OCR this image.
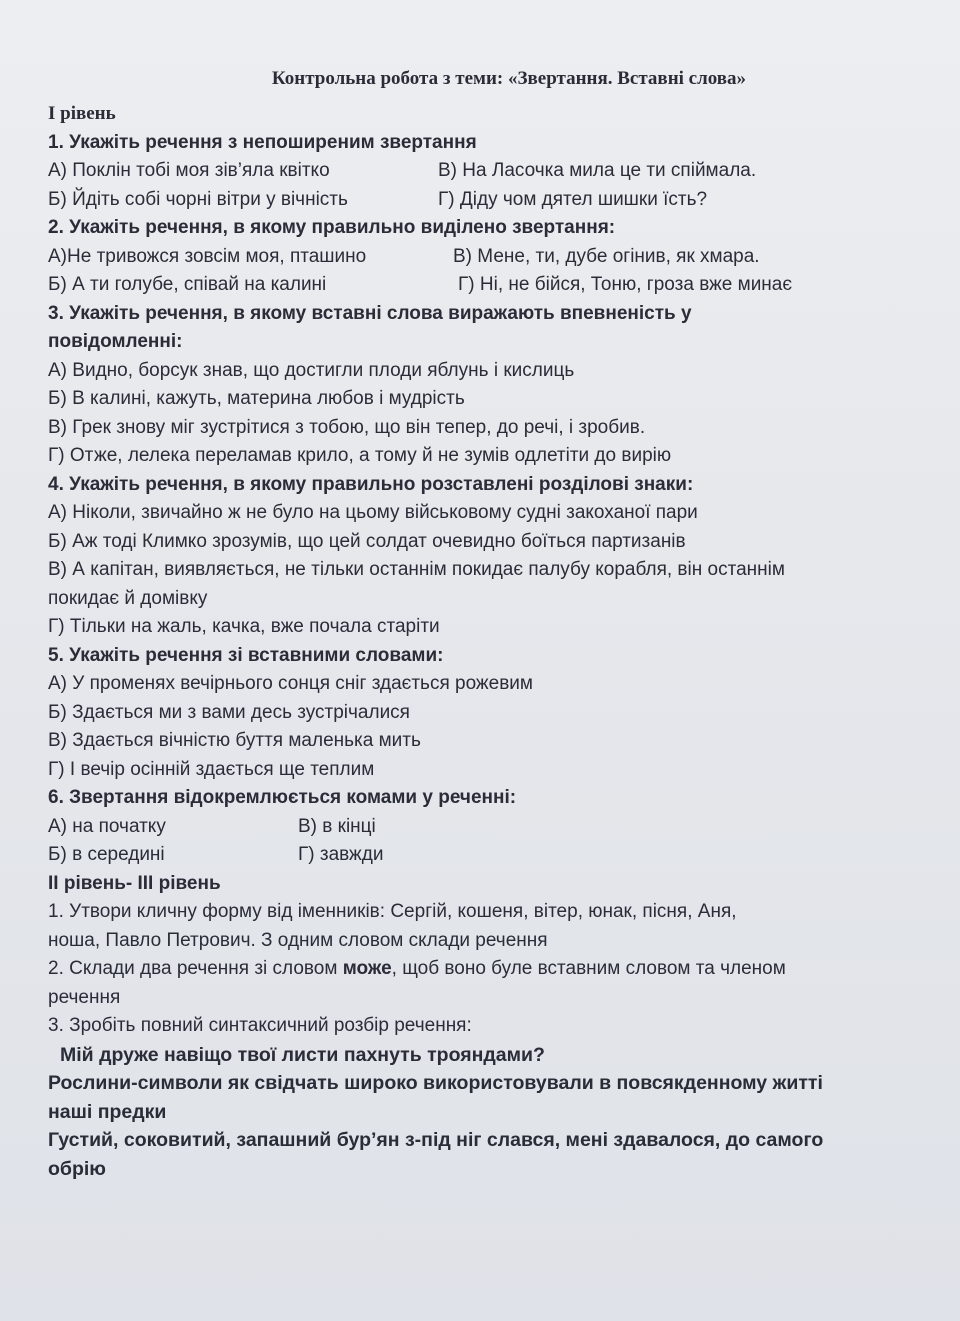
Контрольна робота з теми: «Звертання. Вставні слова»

І рівень

1. Укажіть речення з непоширеним звертання

А) Поклін тобі моя зів’яла квітко	В) На Ласочка мила це ти спіймала.

Б) Йдіть собі чорні вітри у вічність	Г) Діду чом дятел шишки їсть?

2. Укажіть речення, в якому правильно виділено звертання:

А)Не тривожся зовсім моя, пташино	В) Мене, ти, дубе огінив, як хмара.

Б) А ти голубе, співай на калині	Г) Ні, не бійся, Тоню, гроза вже минає

3. Укажіть речення, в якому вставні слова виражають впевненість у

повідомленні:

А) Видно, борсук знав, що достигли плоди яблунь і кислиць

Б) В калині, кажуть, материна любов і мудрість

В) Грек знову міг зустрітися з тобою, що він тепер, до речі, і зробив.

Г) Отже, лелека переламав крило, а тому й не зумів одлетіти до вирію

4. Укажіть речення, в якому правильно розставлені розділові знаки:

А) Ніколи, звичайно ж не було на цьому військовому судні закоханої пари

Б) Аж тоді Климко зрозумів, що цей солдат очевидно боїться партизанів

В) А капітан, виявляється, не тільки останнім покидає палубу корабля, він останнім

покидає й домівку

Г) Тільки на жаль, качка, вже почала старіти

5. Укажіть речення зі вставними словами:

А) У променях вечірнього сонця сніг здається рожевим

Б) Здається ми з вами десь зустрічалися

В) Здається вічністю буття маленька мить

Г) І вечір осінній здається ще теплим

6. Звертання відокремлюється комами у реченні:

А) на початку	В) в кінці

Б) в середині	Г) завжди

ІІ рівень- ІІІ рівень

1. Утвори кличну форму від іменників: Сергій, кошеня, вітер, юнак, пісня, Аня,

ноша, Павло Петрович. З одним словом склади речення

2. Склади два речення зі словом може, щоб воно буле вставним словом та членом

речення

3. Зробіть повний синтаксичний розбір речення:

Мій друже навіщо твої листи пахнуть трояндами?

Рослини-символи як свідчать широко використовували в повсякденному житті

наші предки

Густий, соковитий, запашний бур’ян з-під ніг слався, мені здавалося, до самого

обрію
